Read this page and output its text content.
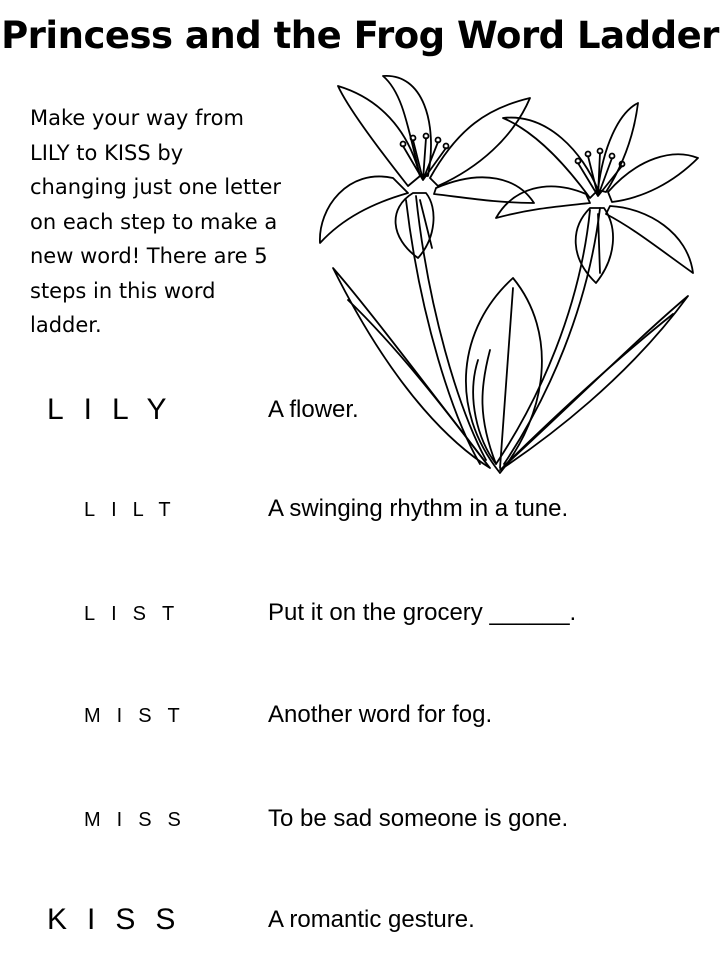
Princess and the Frog Word Ladder
Make your way from
LILY to KISS by
changing just one letter
on each step to make a
new word! There are 5
steps in this word
ladder.
LILY	A flower.
LILT	A swinging rhythm in a tune.
LIST	Put it on the grocery ______.
MIST	Another word for fog.
MISS	To be sad someone is gone.
KISS	A romantic gesture.
